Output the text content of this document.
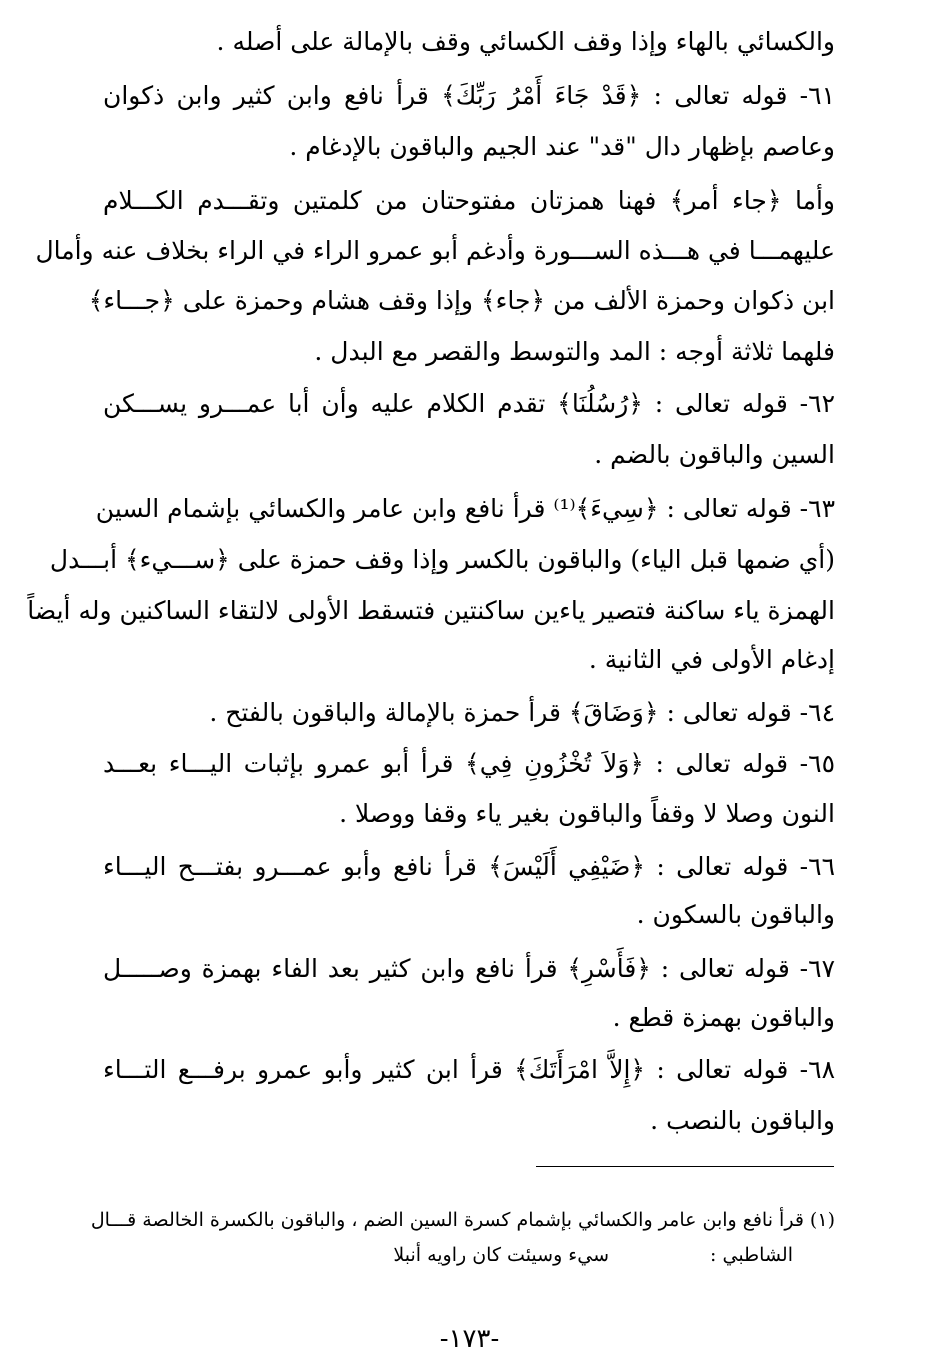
والكسائي بالهاء وإذا وقف الكسائي وقف بالإمالة على أصله .
٦١- قوله تعالى : ﴿قَدْ جَاءَ أَمْرُ رَبِّكَ﴾ قرأ نافع وابن كثير وابن ذكوان
وعاصم بإظهار دال "قد" عند الجيم والباقون بالإدغام .
وأما ﴿جاء أمر﴾ فهنا همزتان مفتوحتان من كلمتين وتقـــدم الكـــلام
عليهمـــا في هـــذه الســـورة وأدغم أبو عمرو الراء في الراء بخلاف عنه وأمال
ابن ذكوان وحمزة الألف من ﴿جاء﴾ وإذا وقف هشام وحمزة على ﴿جـــاء﴾
فلهما ثلاثة أوجه : المد والتوسط والقصر مع البدل .
٦٢- قوله تعالى : ﴿رُسُلُنَا﴾ تقدم الكلام عليه وأن أبا عمـــرو يســـكن
السين والباقون بالضم .
٦٣- قوله تعالى : ﴿سِيءَ﴾⁽¹⁾ قرأ نافع وابن عامر والكسائي بإشمام السين
(أي ضمها قبل الياء) والباقون بالكسر وإذا وقف حمزة على ﴿ســـيء﴾ أبـــدل
الهمزة ياء ساكنة فتصير ياءين ساكنتين فتسقط الأولى لالتقاء الساكنين وله أيضاً
إدغام الأولى في الثانية .
٦٤- قوله تعالى : ﴿وَضَاقَ﴾ قرأ حمزة بالإمالة والباقون بالفتح .
٦٥- قوله تعالى : ﴿وَلاَ تُخْزُونِ فِي﴾ قرأ أبو عمرو بإثبات اليـــاء بعـــد
النون وصلا لا وقفاً والباقون بغير ياء وقفا ووصلا .
٦٦- قوله تعالى : ﴿ضَيْفِي أَلَيْسَ﴾ قرأ نافع وأبو عمـــرو بفتـــح اليـــاء
والباقون بالسكون .
٦٧- قوله تعالى : ﴿فَأَسْرِ﴾ قرأ نافع وابن كثير بعد الفاء بهمزة وصـــــل
والباقون بهمزة قطع .
٦٨- قوله تعالى : ﴿إِلاَّ امْرَأَتَكَ﴾ قرأ ابن كثير وأبو عمرو برفـــع التـــاء
والباقون بالنصب .
(١) قرأ نافع وابن عامر والكسائي بإشمام كسرة السين الضم ، والباقون بالكسرة الخالصة قـــال
الشاطبي :
سيء وسيئت كان راويه أنبلا
-١٧٣-
